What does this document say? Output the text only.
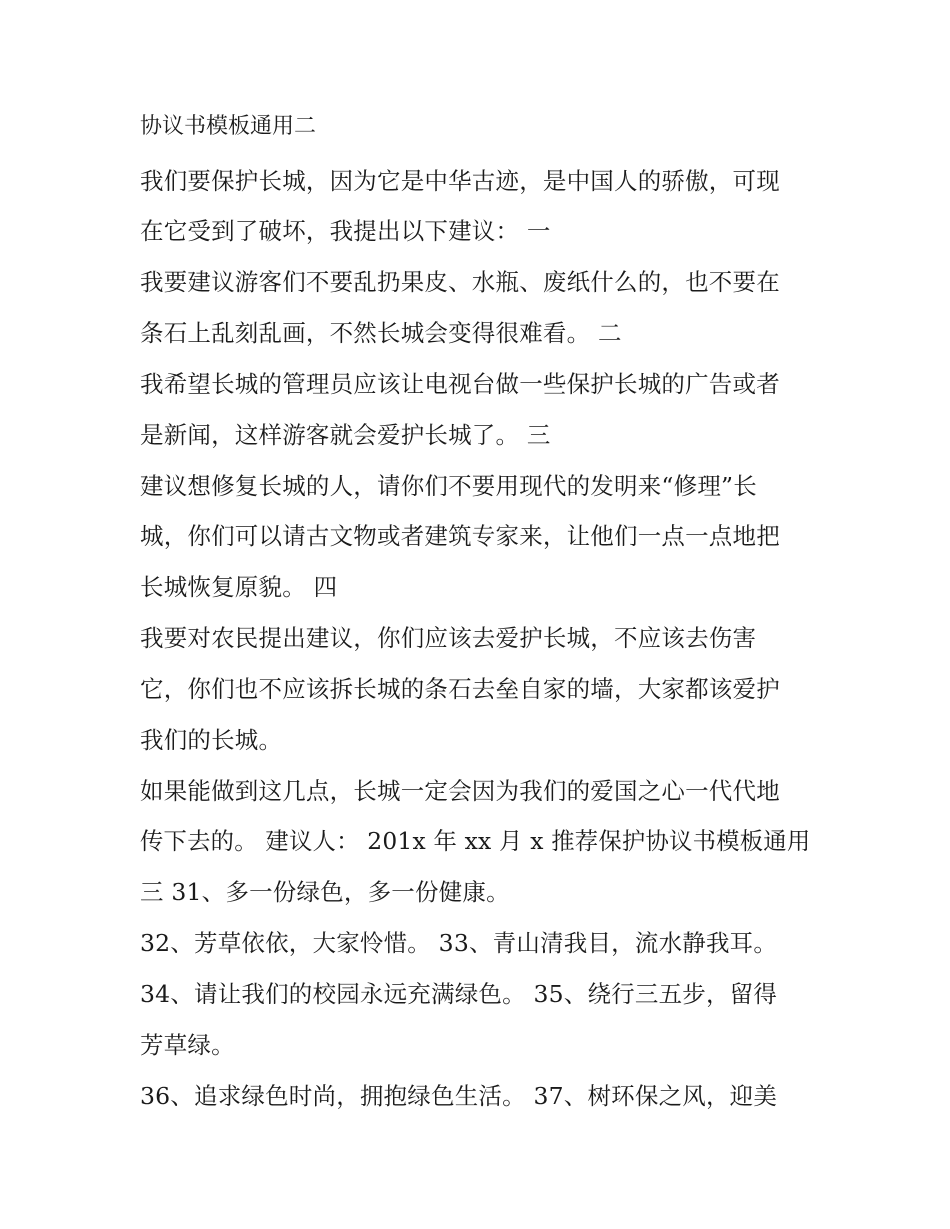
协议书模板通用二
我们要保护长城，因为它是中华古迹，是中国人的骄傲，可现
在它受到了破坏，我提出以下建议： 一
我要建议游客们不要乱扔果皮、水瓶、废纸什么的，也不要在
条石上乱刻乱画，不然长城会变得很难看。 二
我希望长城的管理员应该让电视台做一些保护长城的广告或者
是新闻，这样游客就会爱护长城了。 三
建议想修复长城的人，请你们不要用现代的发明来“修理”长
城，你们可以请古文物或者建筑专家来，让他们一点一点地把
长城恢复原貌。 四
我要对农民提出建议，你们应该去爱护长城，不应该去伤害
它，你们也不应该拆长城的条石去垒自家的墙，大家都该爱护
我们的长城。
如果能做到这几点，长城一定会因为我们的爱国之心一代代地
传下去的。 建议人： 201x 年 xx 月 x 推荐保护协议书模板通用
三 31、多一份绿色，多一份健康。
32、芳草依依，大家怜惜。 33、青山清我目，流水静我耳。
34、请让我们的校园永远充满绿色。 35、绕行三五步，留得
芳草绿。
36、追求绿色时尚，拥抱绿色生活。 37、树环保之风，迎美
